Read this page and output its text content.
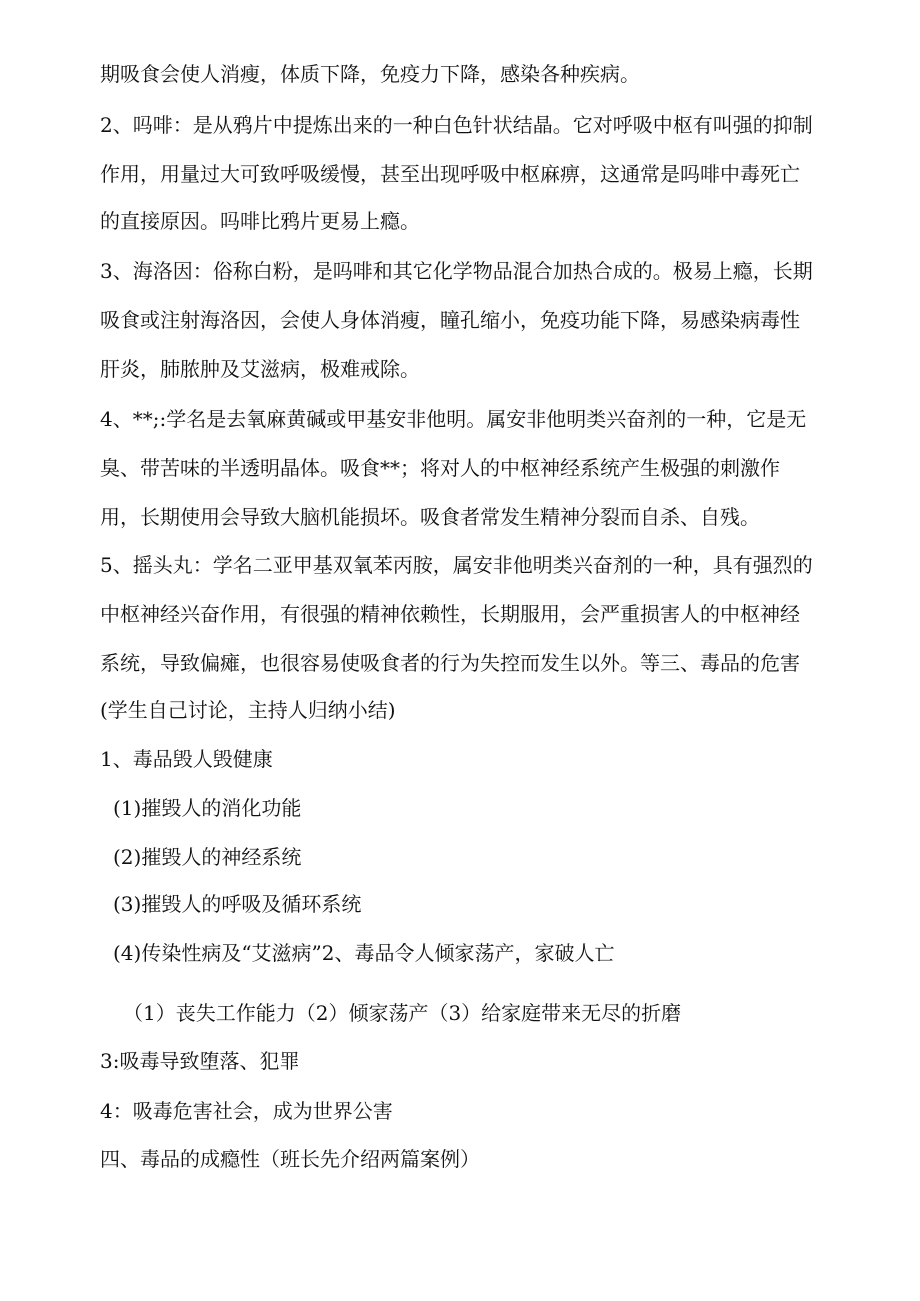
期吸食会使人消瘦，体质下降，免疫力下降，感染各种疾病。
2、吗啡：是从鸦片中提炼出来的一种白色针状结晶。它对呼吸中枢有叫强的抑制
作用，用量过大可致呼吸缓慢，甚至出现呼吸中枢麻痹，这通常是吗啡中毒死亡
的直接原因。吗啡比鸦片更易上瘾。
3、海洛因：俗称白粉，是吗啡和其它化学物品混合加热合成的。极易上瘾，长期
吸食或注射海洛因，会使人身体消瘦，瞳孔缩小，免疫功能下降，易感染病毒性
肝炎，肺脓肿及艾滋病，极难戒除。
4、**;:学名是去氧麻黄碱或甲基安非他明。属安非他明类兴奋剂的一种，它是无
臭、带苦味的半透明晶体。吸食**；将对人的中枢神经系统产生极强的刺激作
用，长期使用会导致大脑机能损坏。吸食者常发生精神分裂而自杀、自残。
5、摇头丸：学名二亚甲基双氧苯丙胺，属安非他明类兴奋剂的一种，具有强烈的
中枢神经兴奋作用，有很强的精神依赖性，长期服用，会严重损害人的中枢神经
系统，导致偏瘫，也很容易使吸食者的行为失控而发生以外。等三、毒品的危害
(学生自己讨论，主持人归纳小结)
1、毒品毁人毁健康
(1)摧毁人的消化功能
(2)摧毁人的神经系统
(3)摧毁人的呼吸及循环系统
(4)传染性病及“艾滋病”2、毒品令人倾家荡产，家破人亡
（1）丧失工作能力（2）倾家荡产（3）给家庭带来无尽的折磨
3:吸毒导致堕落、犯罪
4：吸毒危害社会，成为世界公害
四、毒品的成瘾性（班长先介绍两篇案例）
